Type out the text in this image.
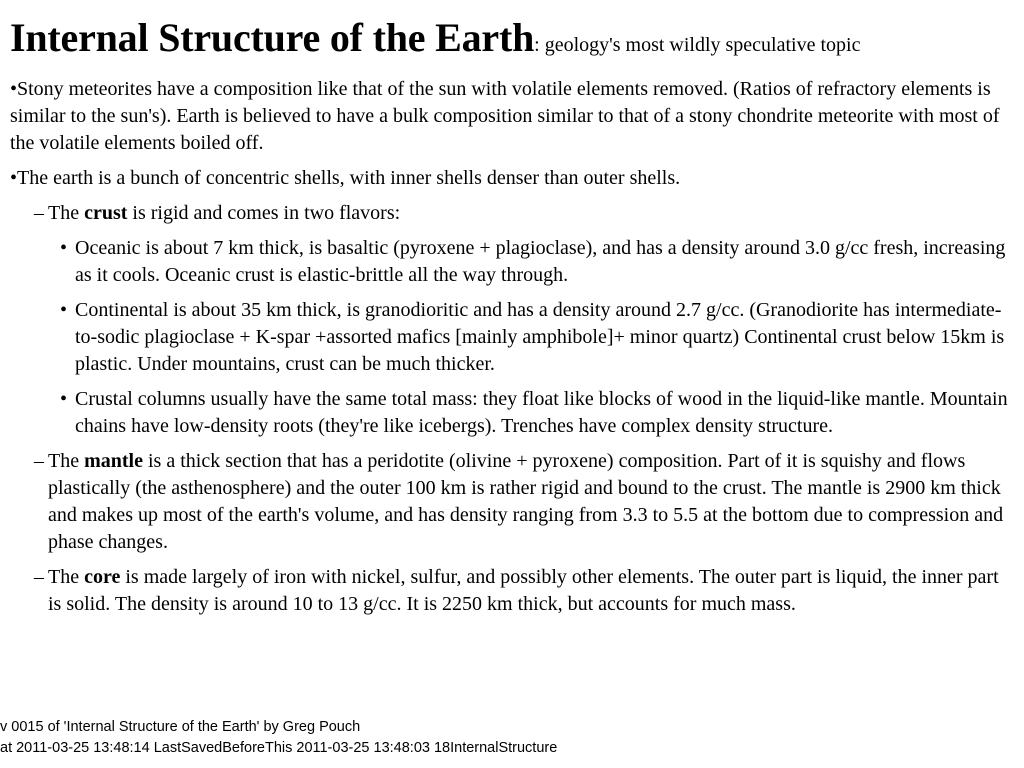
Internal Structure of the Earth: geology's most wildly speculative topic
•Stony meteorites have a composition like that of the sun with volatile elements removed. (Ratios of refractory elements is similar to the sun's). Earth is believed to have a bulk composition similar to that of a stony chondrite meteorite with most of the volatile elements boiled off.
•The earth is a bunch of concentric shells, with inner shells denser than outer shells.
– The crust is rigid and comes in two flavors:
• Oceanic is about 7 km thick, is basaltic (pyroxene + plagioclase), and has a density around 3.0 g/cc fresh, increasing as it cools. Oceanic crust is elastic-brittle all the way through.
• Continental is about 35 km thick, is granodioritic and has a density around 2.7 g/cc. (Granodiorite has intermediate-to-sodic plagioclase + K-spar +assorted mafics [mainly amphibole]+ minor quartz) Continental crust below 15km is plastic. Under mountains, crust can be much thicker.
• Crustal columns usually have the same total mass: they float like blocks of wood in the liquid-like mantle. Mountain chains have low-density roots (they're like icebergs). Trenches have complex density structure.
– The mantle is a thick section that has a peridotite (olivine + pyroxene) composition. Part of it is squishy and flows plastically (the asthenosphere) and the outer 100 km is rather rigid and bound to the crust. The mantle is 2900 km thick and makes up most of the earth's volume, and has density ranging from 3.3 to 5.5 at the bottom due to compression and phase changes.
– The core is made largely of iron with nickel, sulfur, and possibly other elements. The outer part is liquid, the inner part is solid. The density is around 10 to 13 g/cc. It is 2250 km thick, but accounts for much mass.
v 0015 of 'Internal Structure of the Earth' by Greg Pouch
at 2011-03-25 13:48:14 LastSavedBeforeThis 2011-03-25 13:48:03 18InternalStructure
